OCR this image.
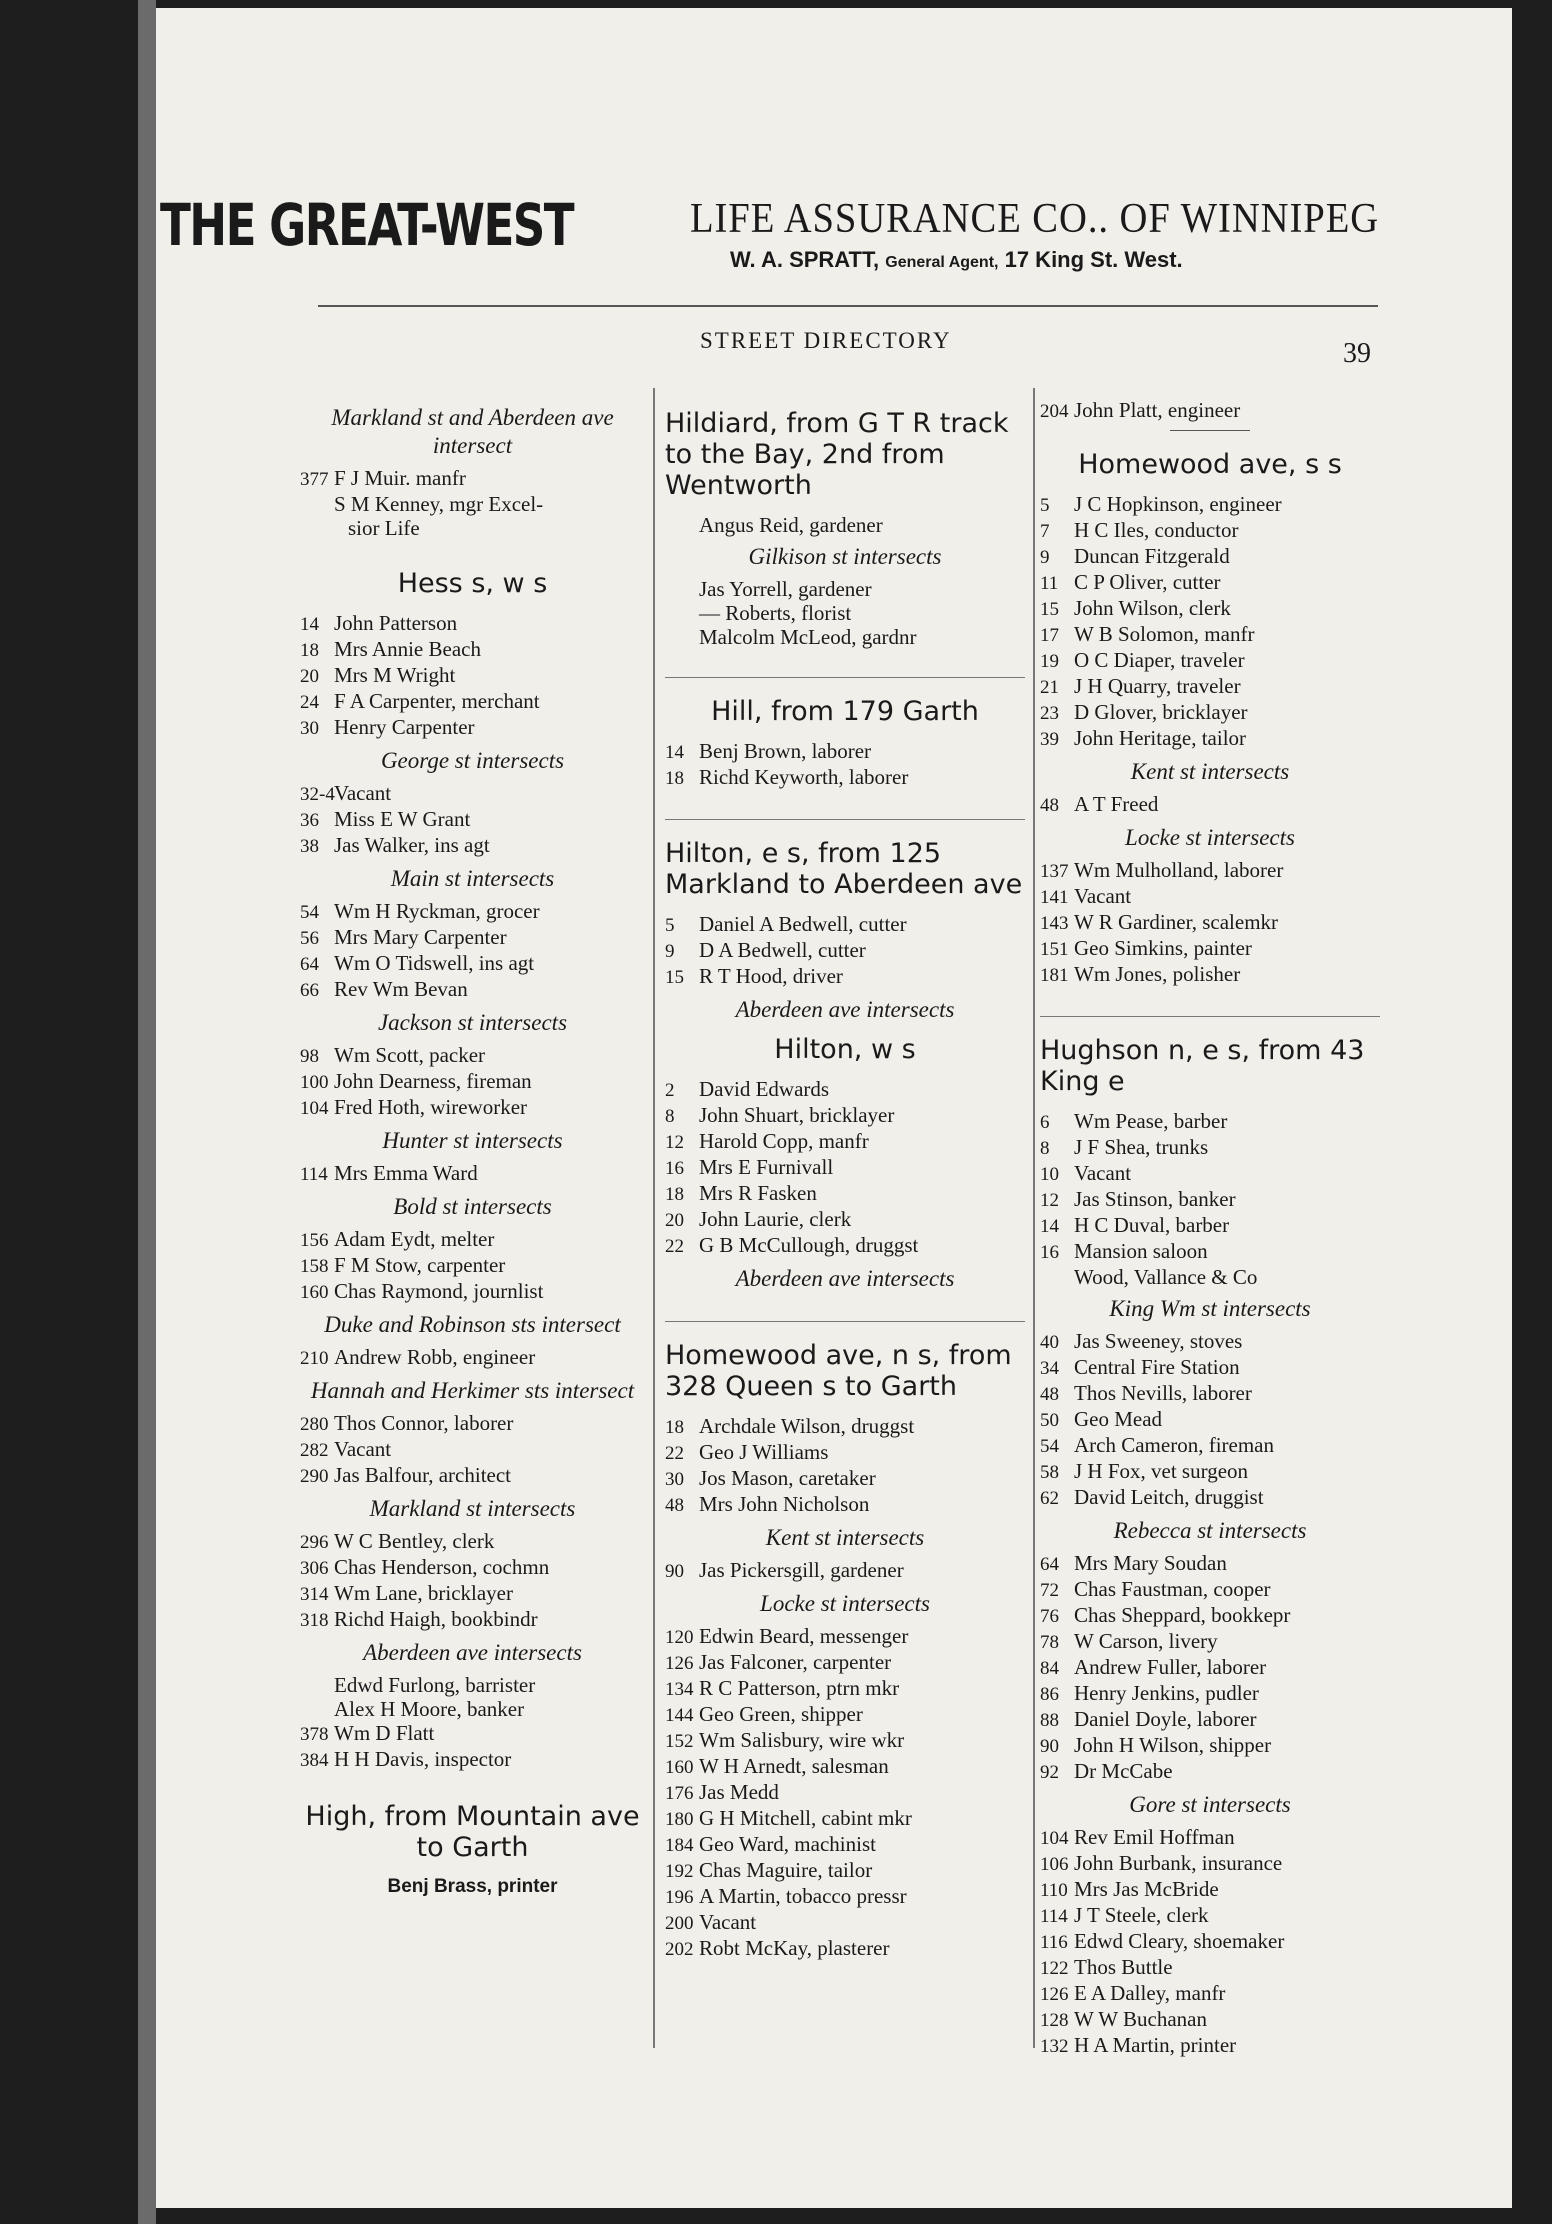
THE GREAT-WEST	LIFE ASSURANCE CO.. OF WINNIPEG
W. A. SPRATT, General Agent, 17 King St. West.
STREET DIRECTORY	39
Markland st and Aberdeen ave intersect
377 F J Muir. manfr
S M Kenney, mgr Excel-
sior Life
Hess s, w s
14 John Patterson
18 Mrs Annie Beach
20 Mrs M Wright
24 F A Carpenter, merchant
30 Henry Carpenter
George st intersects
32-4Vacant
36 Miss E W Grant
38 Jas Walker, ins agt
Main st intersects
54 Wm H Ryckman, grocer
56 Mrs Mary Carpenter
64 Wm O Tidswell, ins agt
66 Rev Wm Bevan
Jackson st intersects
98 Wm Scott, packer
100 John Dearness, fireman
104 Fred Hoth, wireworker
Hunter st intersects
114 Mrs Emma Ward
Bold st intersects
156 Adam Eydt, melter
158 F M Stow, carpenter
160 Chas Raymond, journlist
Duke and Robinson sts intersect
210 Andrew Robb, engineer
Hannah and Herkimer sts intersect
280 Thos Connor, laborer
282 Vacant
290 Jas Balfour, architect
Markland st intersects
296 W C Bentley, clerk
306 Chas Henderson, cochmn
314 Wm Lane, bricklayer
318 Richd Haigh, bookbindr
Aberdeen ave intersects
Edwd Furlong, barrister
Alex H Moore, banker
378 Wm D Flatt
384 H H Davis, inspector
High, from Mountain ave to Garth
Benj Brass, printer
Hildiard, from G T R track to the Bay, 2nd from Wentworth
Angus Reid, gardener
Gilkison st intersects
Jas Yorrell, gardener
— Roberts, florist
Malcolm McLeod, gardnr
Hill, from 179 Garth
14 Benj Brown, laborer
18 Richd Keyworth, laborer
Hilton, e s, from 125 Markland to Aberdeen ave
5 Daniel A Bedwell, cutter
9 D A Bedwell, cutter
15 R T Hood, driver
Aberdeen ave intersects
Hilton, w s
2 David Edwards
8 John Shuart, bricklayer
12 Harold Copp, manfr
16 Mrs E Furnivall
18 Mrs R Fasken
20 John Laurie, clerk
22 G B McCullough, druggst
Aberdeen ave intersects
Homewood ave, n s, from 328 Queen s to Garth
18 Archdale Wilson, druggst
22 Geo J Williams
30 Jos Mason, caretaker
48 Mrs John Nicholson
Kent st intersects
90 Jas Pickersgill, gardener
Locke st intersects
120 Edwin Beard, messenger
126 Jas Falconer, carpenter
134 R C Patterson, ptrn mkr
144 Geo Green, shipper
152 Wm Salisbury, wire wkr
160 W H Arnedt, salesman
176 Jas Medd
180 G H Mitchell, cabint mkr
184 Geo Ward, machinist
192 Chas Maguire, tailor
196 A Martin, tobacco pressr
200 Vacant
202 Robt McKay, plasterer
204 John Platt, engineer
Homewood ave, s s
5 J C Hopkinson, engineer
7 H C Iles, conductor
9 Duncan Fitzgerald
11 C P Oliver, cutter
15 John Wilson, clerk
17 W B Solomon, manfr
19 O C Diaper, traveler
21 J H Quarry, traveler
23 D Glover, bricklayer
39 John Heritage, tailor
Kent st intersects
48 A T Freed
Locke st intersects
137 Wm Mulholland, laborer
141 Vacant
143 W R Gardiner, scalemkr
151 Geo Simkins, painter
181 Wm Jones, polisher
Hughson n, e s, from 43 King e
6 Wm Pease, barber
8 J F Shea, trunks
10 Vacant
12 Jas Stinson, banker
14 H C Duval, barber
16 Mansion saloon
Wood, Vallance & Co
King Wm st intersects
40 Jas Sweeney, stoves
34 Central Fire Station
48 Thos Nevills, laborer
50 Geo Mead
54 Arch Cameron, fireman
58 J H Fox, vet surgeon
62 David Leitch, druggist
Rebecca st intersects
64 Mrs Mary Soudan
72 Chas Faustman, cooper
76 Chas Sheppard, bookkepr
78 W Carson, livery
84 Andrew Fuller, laborer
86 Henry Jenkins, pudler
88 Daniel Doyle, laborer
90 John H Wilson, shipper
92 Dr McCabe
Gore st intersects
104 Rev Emil Hoffman
106 John Burbank, insurance
110 Mrs Jas McBride
114 J T Steele, clerk
116 Edwd Cleary, shoemaker
122 Thos Buttle
126 E A Dalley, manfr
128 W W Buchanan
132 H A Martin, printer
